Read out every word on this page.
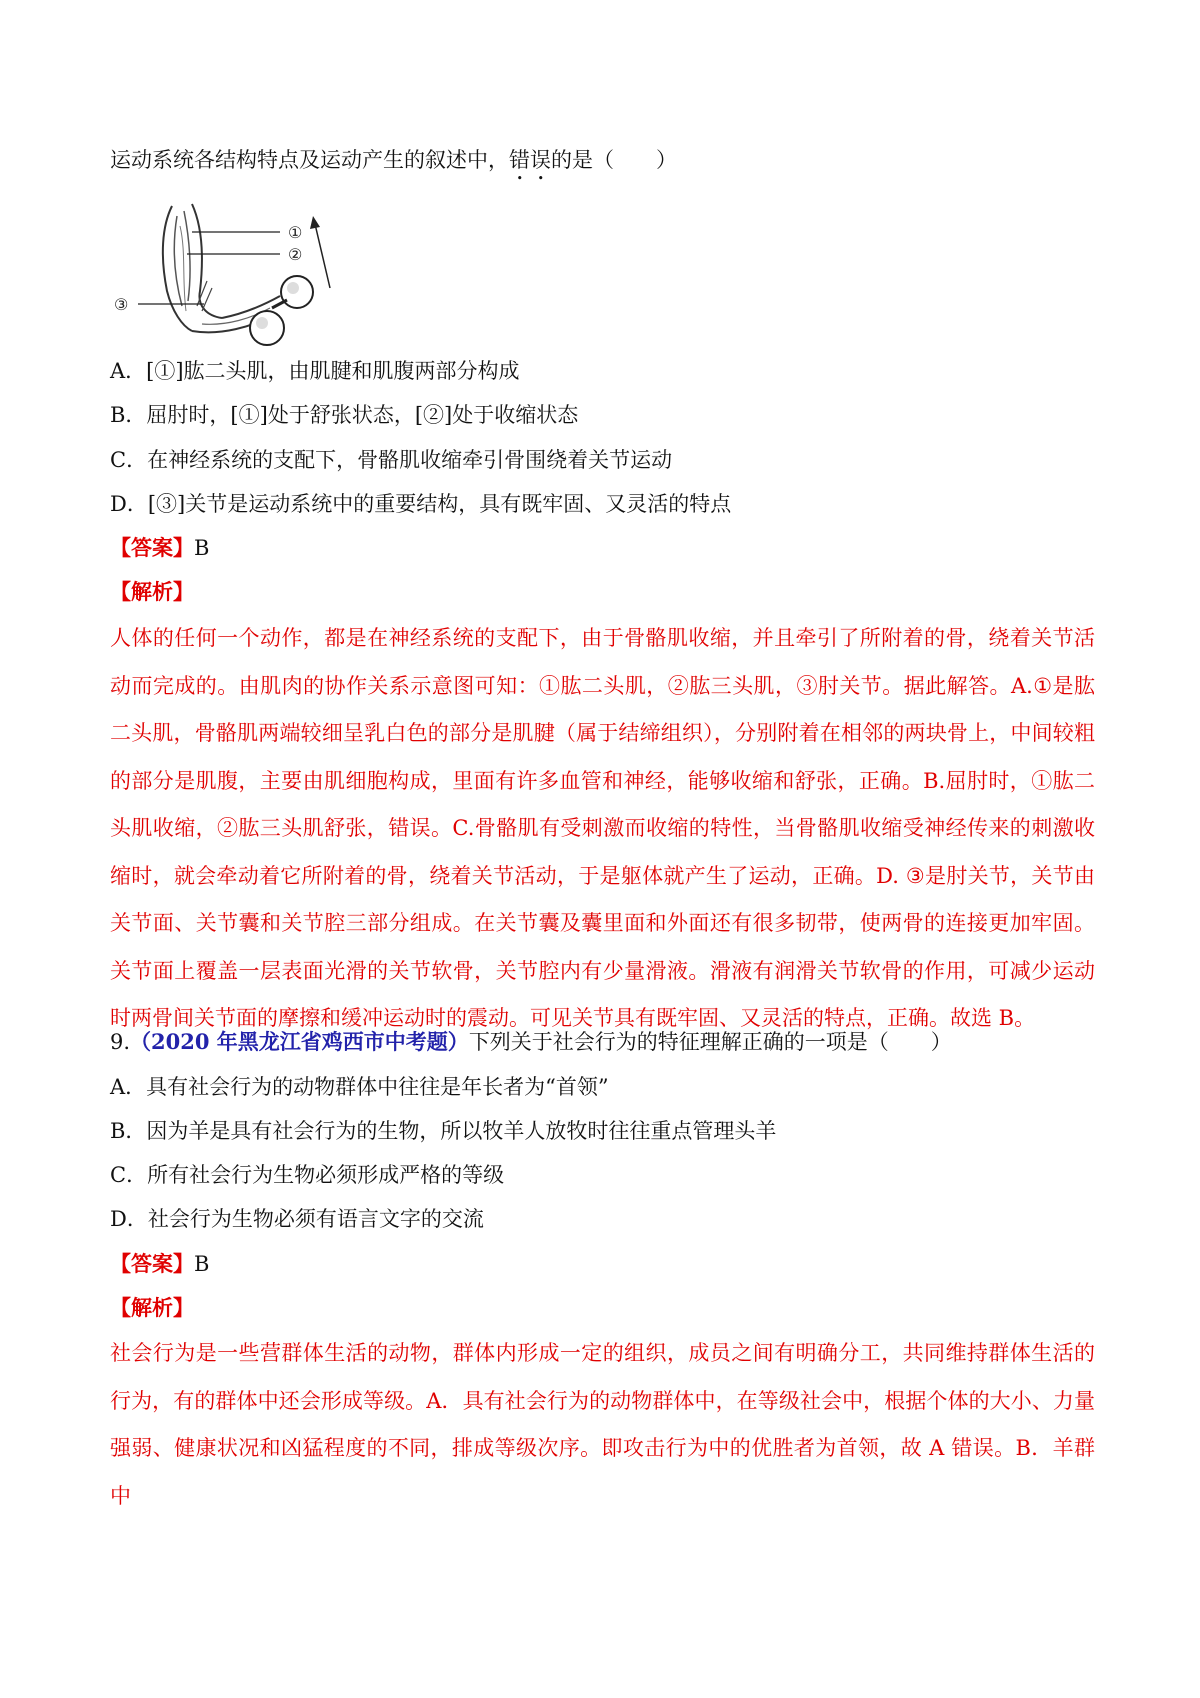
运动系统各结构特点及运动产生的叙述中，错误的是（　　）
①
②
③
A．[①]肱二头肌，由肌腱和肌腹两部分构成
B．屈肘时，[①]处于舒张状态，[②]处于收缩状态
C．在神经系统的支配下，骨骼肌收缩牵引骨围绕着关节运动
D．[③]关节是运动系统中的重要结构，具有既牢固、又灵活的特点
【答案】B
【解析】
人体的任何一个动作，都是在神经系统的支配下，由于骨骼肌收缩，并且牵引了所附着的骨，绕着关节活动而完成的。由肌肉的协作关系示意图可知：①肱二头肌，②肱三头肌，③肘关节。据此解答。A.①是肱二头肌，骨骼肌两端较细呈乳白色的部分是肌腱（属于结缔组织），分别附着在相邻的两块骨上，中间较粗的部分是肌腹，主要由肌细胞构成，里面有许多血管和神经，能够收缩和舒张，正确。B.屈肘时，①肱二头肌收缩，②肱三头肌舒张，错误。C.骨骼肌有受刺激而收缩的特性，当骨骼肌收缩受神经传来的刺激收缩时，就会牵动着它所附着的骨，绕着关节活动，于是躯体就产生了运动，正确。D. ③是肘关节，关节由关节面、关节囊和关节腔三部分组成。在关节囊及囊里面和外面还有很多韧带，使两骨的连接更加牢固。关节面上覆盖一层表面光滑的关节软骨，关节腔内有少量滑液。滑液有润滑关节软骨的作用，可减少运动时两骨间关节面的摩擦和缓冲运动时的震动。可见关节具有既牢固、又灵活的特点，正确。故选 B。
9.（2020 年黑龙江省鸡西市中考题）下列关于社会行为的特征理解正确的一项是（　　）
A．具有社会行为的动物群体中往往是年长者为“首领”
B．因为羊是具有社会行为的生物，所以牧羊人放牧时往往重点管理头羊
C．所有社会行为生物必须形成严格的等级
D．社会行为生物必须有语言文字的交流
【答案】B
【解析】
社会行为是一些营群体生活的动物，群体内形成一定的组织，成员之间有明确分工，共同维持群体生活的行为，有的群体中还会形成等级。A．具有社会行为的动物群体中，在等级社会中，根据个体的大小、力量强弱、健康状况和凶猛程度的不同，排成等级次序。即攻击行为中的优胜者为首领，故 A 错误。B．羊群中
